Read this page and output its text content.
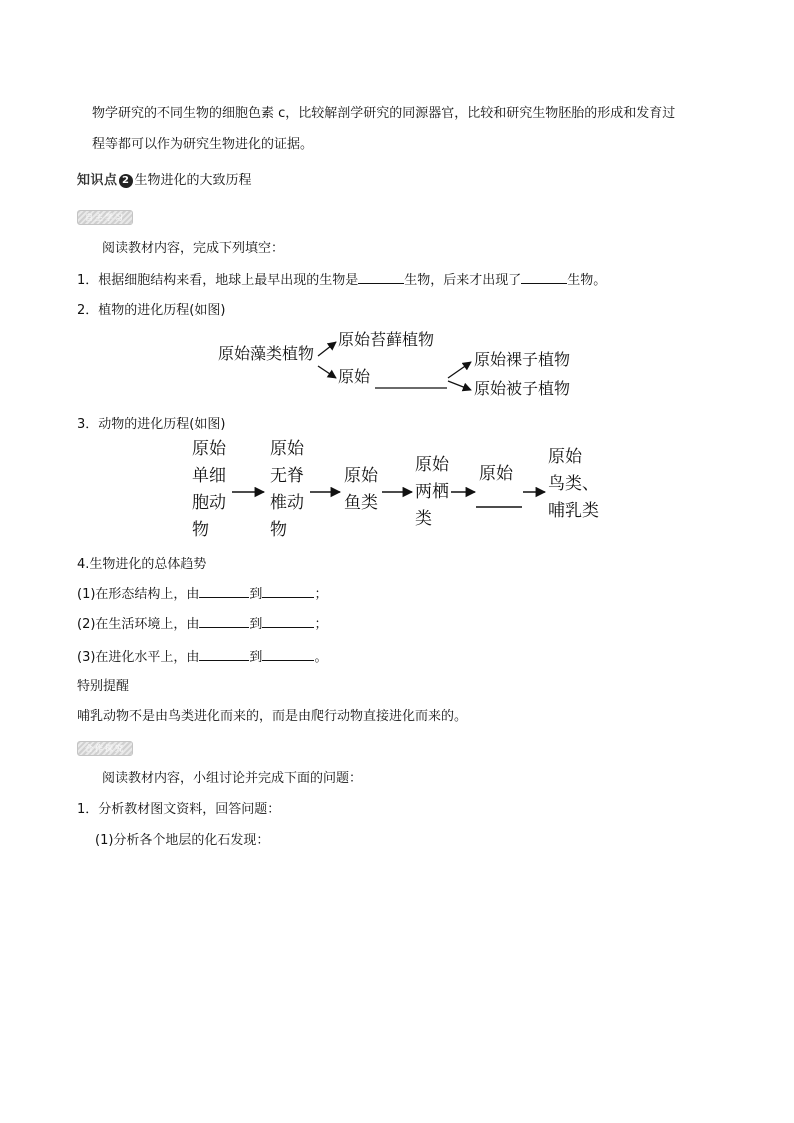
物学研究的不同生物的细胞色素 c，比较解剖学研究的同源器官，比较和研究生物胚胎的形成和发育过
程等都可以作为研究生物进化的证据。
知识点 2 生物进化的大致历程
自主学习
阅读教材内容，完成下列填空：
1．根据细胞结构来看，地球上最早出现的生物是	生物，后来才出现了	生物。
2．植物的进化历程(如图)
原始藻类植物
原始苔藓植物
原始
原始裸子植物
原始被子植物
3．动物的进化历程(如图)
原始
单细
胞动
物
原始
无脊
椎动
物
原始
鱼类
原始
两栖
类
原始
原始
鸟类、
哺乳类
4.生物进化的总体趋势
(1)在形态结构上，由	到	；
(2)在生活环境上，由	到	；
(3)在进化水平上，由	到	。
特别提醒
哺乳动物不是由鸟类进化而来的，而是由爬行动物直接进化而来的。
合作探究
阅读教材内容，小组讨论并完成下面的问题：
1．分析教材图文资料，回答问题：
(1)分析各个地层的化石发现：
